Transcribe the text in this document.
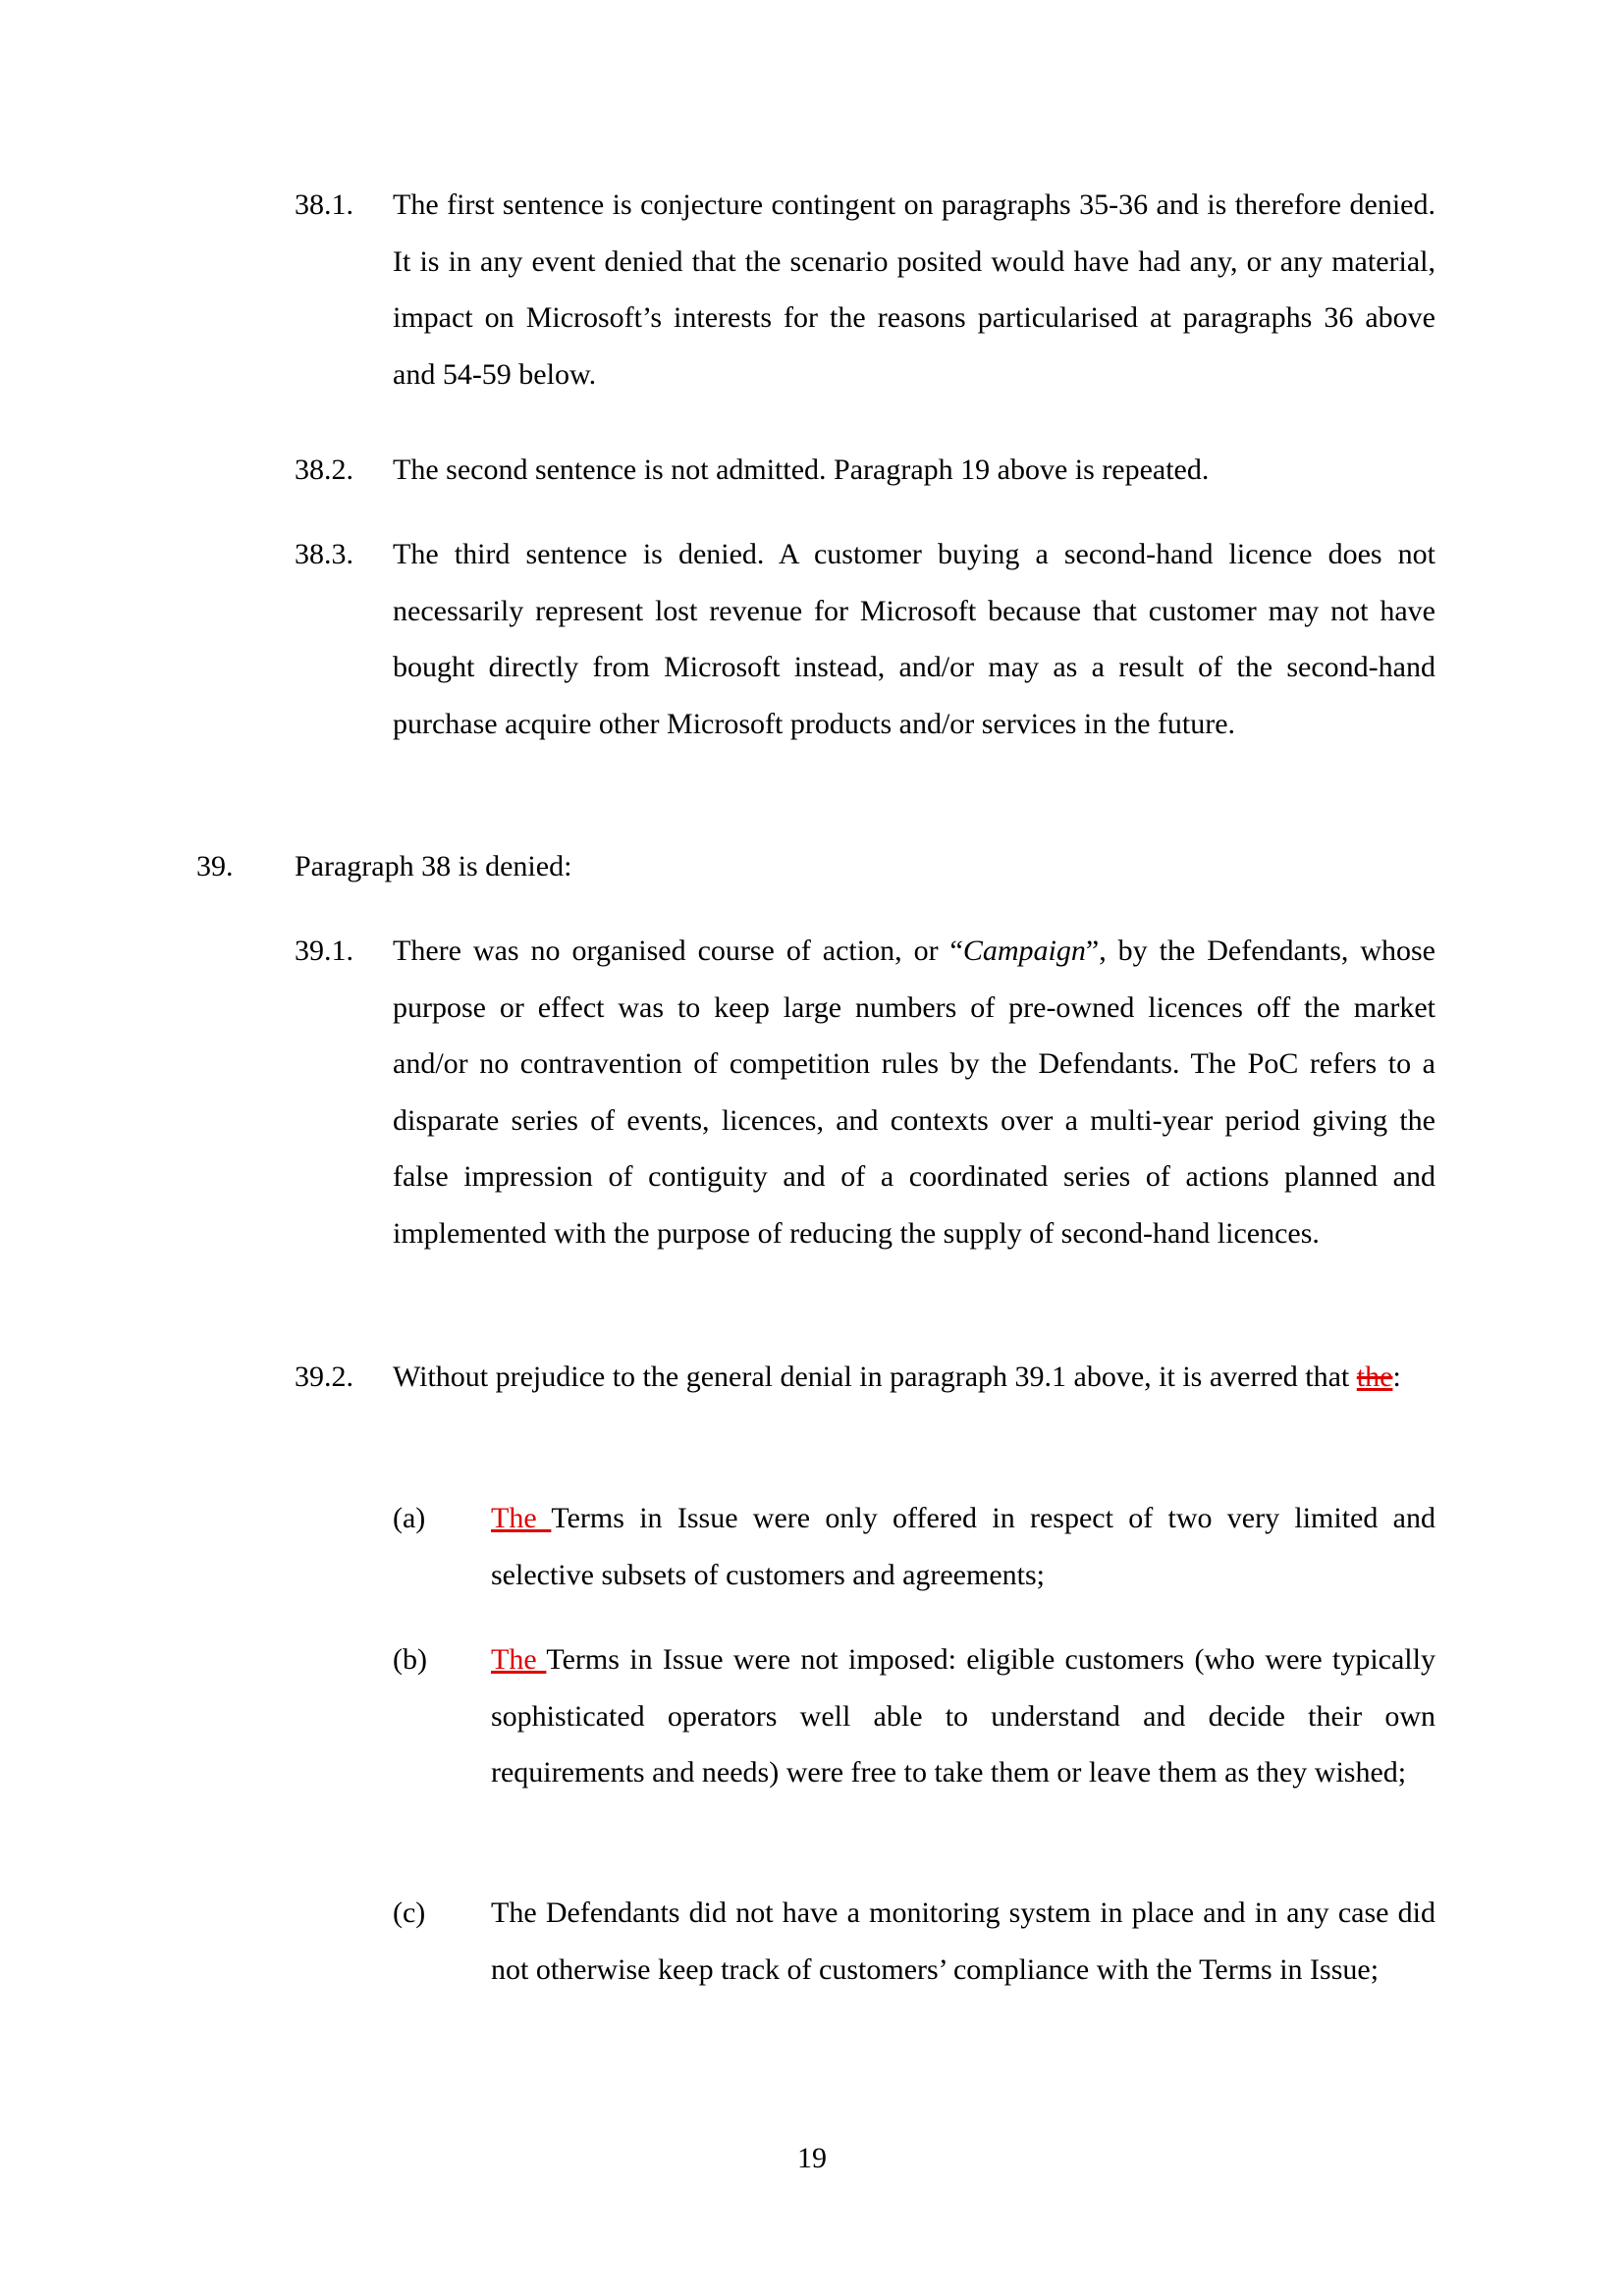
38.1. The first sentence is conjecture contingent on paragraphs 35-36 and is therefore denied. It is in any event denied that the scenario posited would have had any, or any material, impact on Microsoft’s interests for the reasons particularised at paragraphs 36 above and 54-59 below.
38.2. The second sentence is not admitted. Paragraph 19 above is repeated.
38.3. The third sentence is denied. A customer buying a second-hand licence does not necessarily represent lost revenue for Microsoft because that customer may not have bought directly from Microsoft instead, and/or may as a result of the second-hand purchase acquire other Microsoft products and/or services in the future.
39. Paragraph 38 is denied:
39.1. There was no organised course of action, or “Campaign”, by the Defendants, whose purpose or effect was to keep large numbers of pre-owned licences off the market and/or no contravention of competition rules by the Defendants. The PoC refers to a disparate series of events, licences, and contexts over a multi-year period giving the false impression of contiguity and of a coordinated series of actions planned and implemented with the purpose of reducing the supply of second-hand licences.
39.2. Without prejudice to the general denial in paragraph 39.1 above, it is averred that the:
(a) The Terms in Issue were only offered in respect of two very limited and selective subsets of customers and agreements;
(b) The Terms in Issue were not imposed: eligible customers (who were typically sophisticated operators well able to understand and decide their own requirements and needs) were free to take them or leave them as they wished;
(c) The Defendants did not have a monitoring system in place and in any case did not otherwise keep track of customers’ compliance with the Terms in Issue;
19
